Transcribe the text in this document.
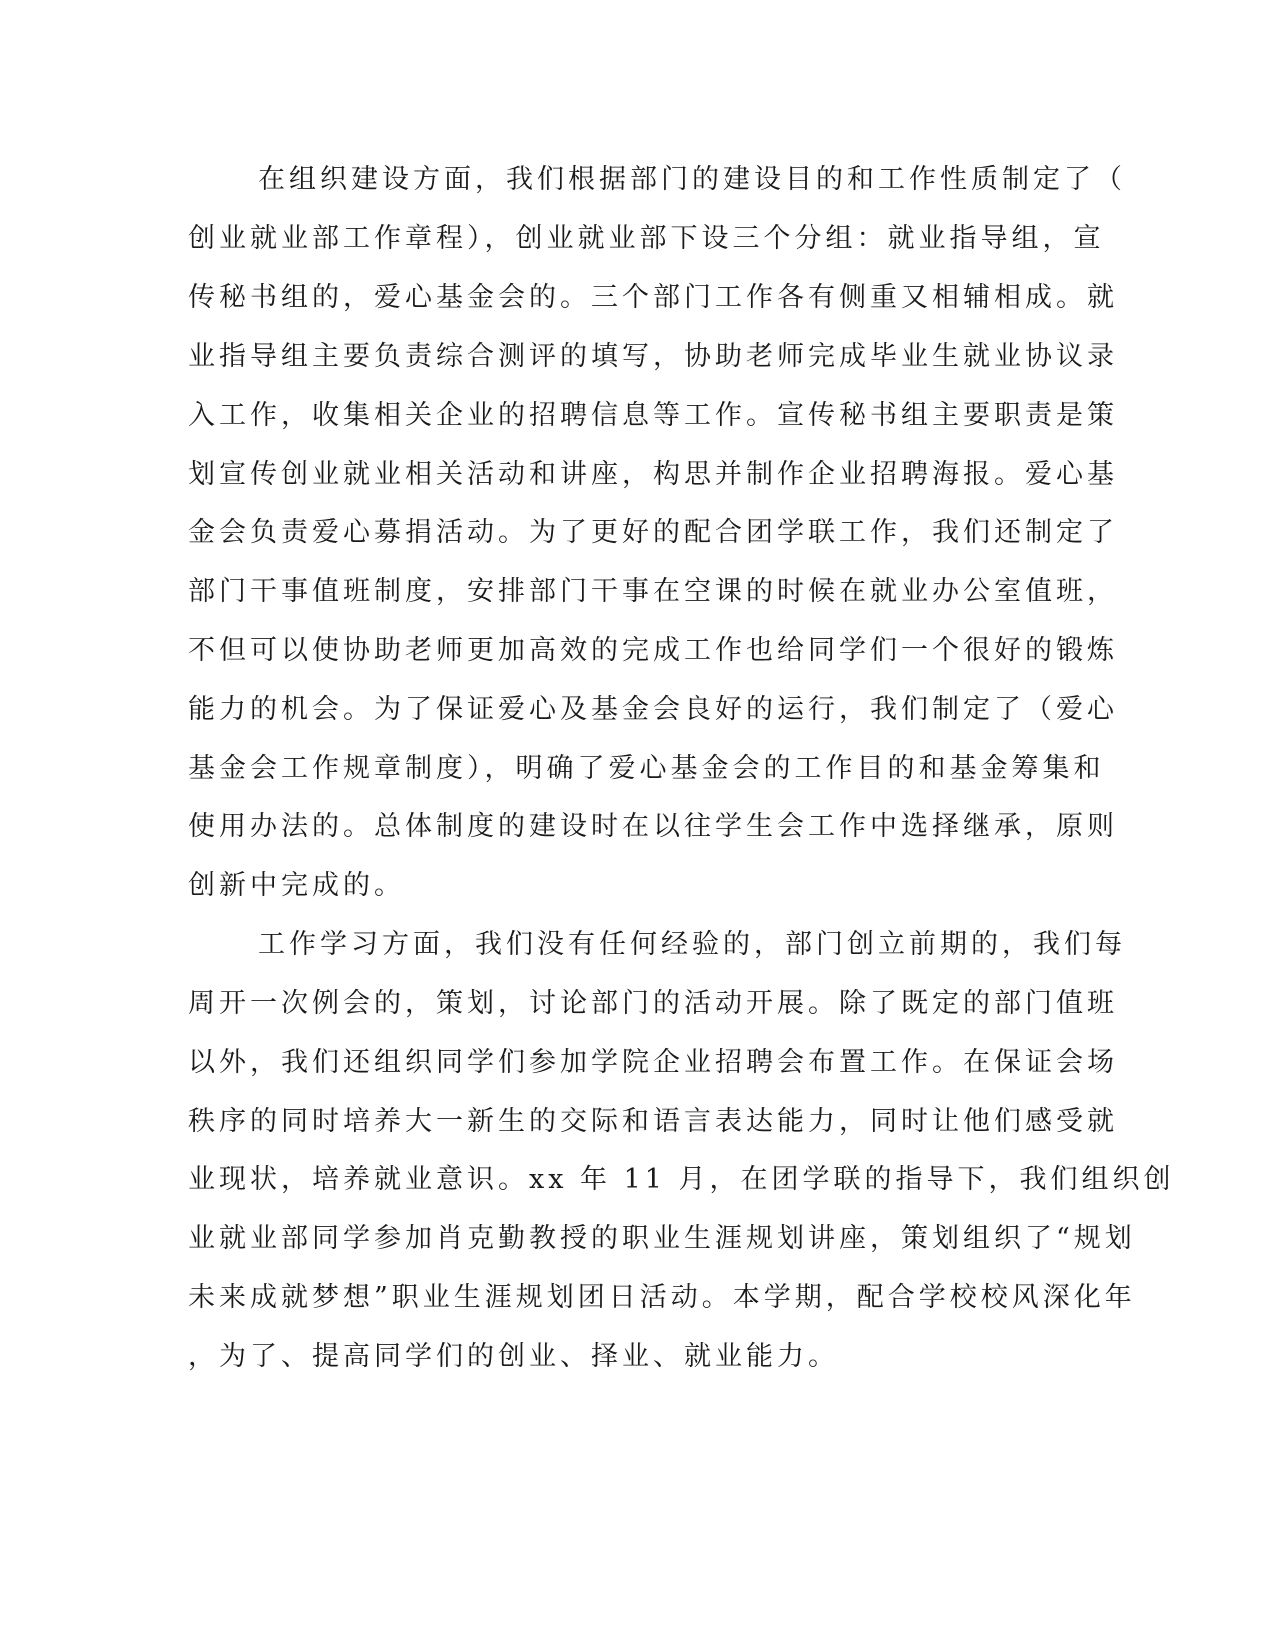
在组织建设方面，我们根据部门的建设目的和工作性质制定了（
创业就业部工作章程），创业就业部下设三个分组：就业指导组，宣
传秘书组的，爱心基金会的。三个部门工作各有侧重又相辅相成。就
业指导组主要负责综合测评的填写，协助老师完成毕业生就业协议录
入工作，收集相关企业的招聘信息等工作。宣传秘书组主要职责是策
划宣传创业就业相关活动和讲座，构思并制作企业招聘海报。爱心基
金会负责爱心募捐活动。为了更好的配合团学联工作，我们还制定了
部门干事值班制度，安排部门干事在空课的时候在就业办公室值班，
不但可以使协助老师更加高效的完成工作也给同学们一个很好的锻炼
能力的机会。为了保证爱心及基金会良好的运行，我们制定了（爱心
基金会工作规章制度），明确了爱心基金会的工作目的和基金筹集和
使用办法的。总体制度的建设时在以往学生会工作中选择继承，原则
创新中完成的。
工作学习方面，我们没有任何经验的，部门创立前期的，我们每
周开一次例会的，策划，讨论部门的活动开展。除了既定的部门值班
以外，我们还组织同学们参加学院企业招聘会布置工作。在保证会场
秩序的同时培养大一新生的交际和语言表达能力，同时让他们感受就
业现状，培养就业意识。xx 年 11 月，在团学联的指导下，我们组织创
业就业部同学参加肖克勤教授的职业生涯规划讲座，策划组织了“规划
未来成就梦想”职业生涯规划团日活动。本学期，配合学校校风深化年
，为了、提高同学们的创业、择业、就业能力。
